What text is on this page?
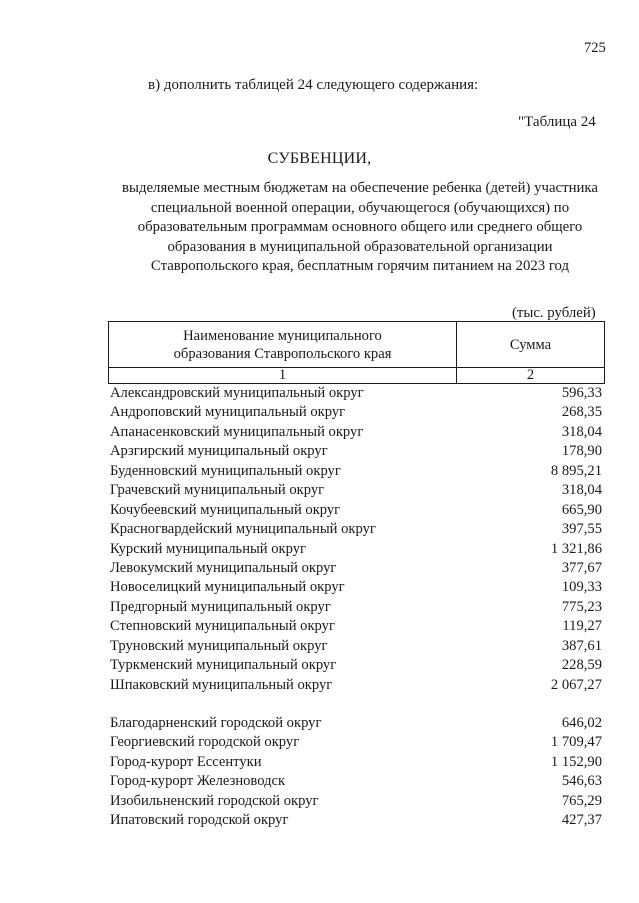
725
в) дополнить таблицей 24 следующего содержания:
"Таблица 24
СУБВЕНЦИИ,
выделяемые местным бюджетам на обеспечение ребенка (детей) участника
специальной военной операции, обучающегося (обучающихся) по
образовательным программам основного общего или среднего общего
образования в муниципальной образовательной организации
Ставропольского края, бесплатным горячим питанием на 2023 год
(тыс. рублей)
Наименование муниципального
образования Ставропольского края	Сумма
1	2
Александровский муниципальный округ	596,33
Андроповский муниципальный округ	268,35
Апанасенковский муниципальный округ	318,04
Арзгирский муниципальный округ	178,90
Буденновский муниципальный округ	8 895,21
Грачевский муниципальный округ	318,04
Кочубеевский муниципальный округ	665,90
Красногвардейский муниципальный округ	397,55
Курский муниципальный округ	1 321,86
Левокумский муниципальный округ	377,67
Новоселицкий муниципальный округ	109,33
Предгорный муниципальный округ	775,23
Степновский муниципальный округ	119,27
Труновский муниципальный округ	387,61
Туркменский муниципальный округ	228,59
Шпаковский муниципальный округ	2 067,27
Благодарненский городской округ	646,02
Георгиевский городской округ	1 709,47
Город-курорт Ессентуки	1 152,90
Город-курорт Железноводск	546,63
Изобильненский городской округ	765,29
Ипатовский городской округ	427,37
